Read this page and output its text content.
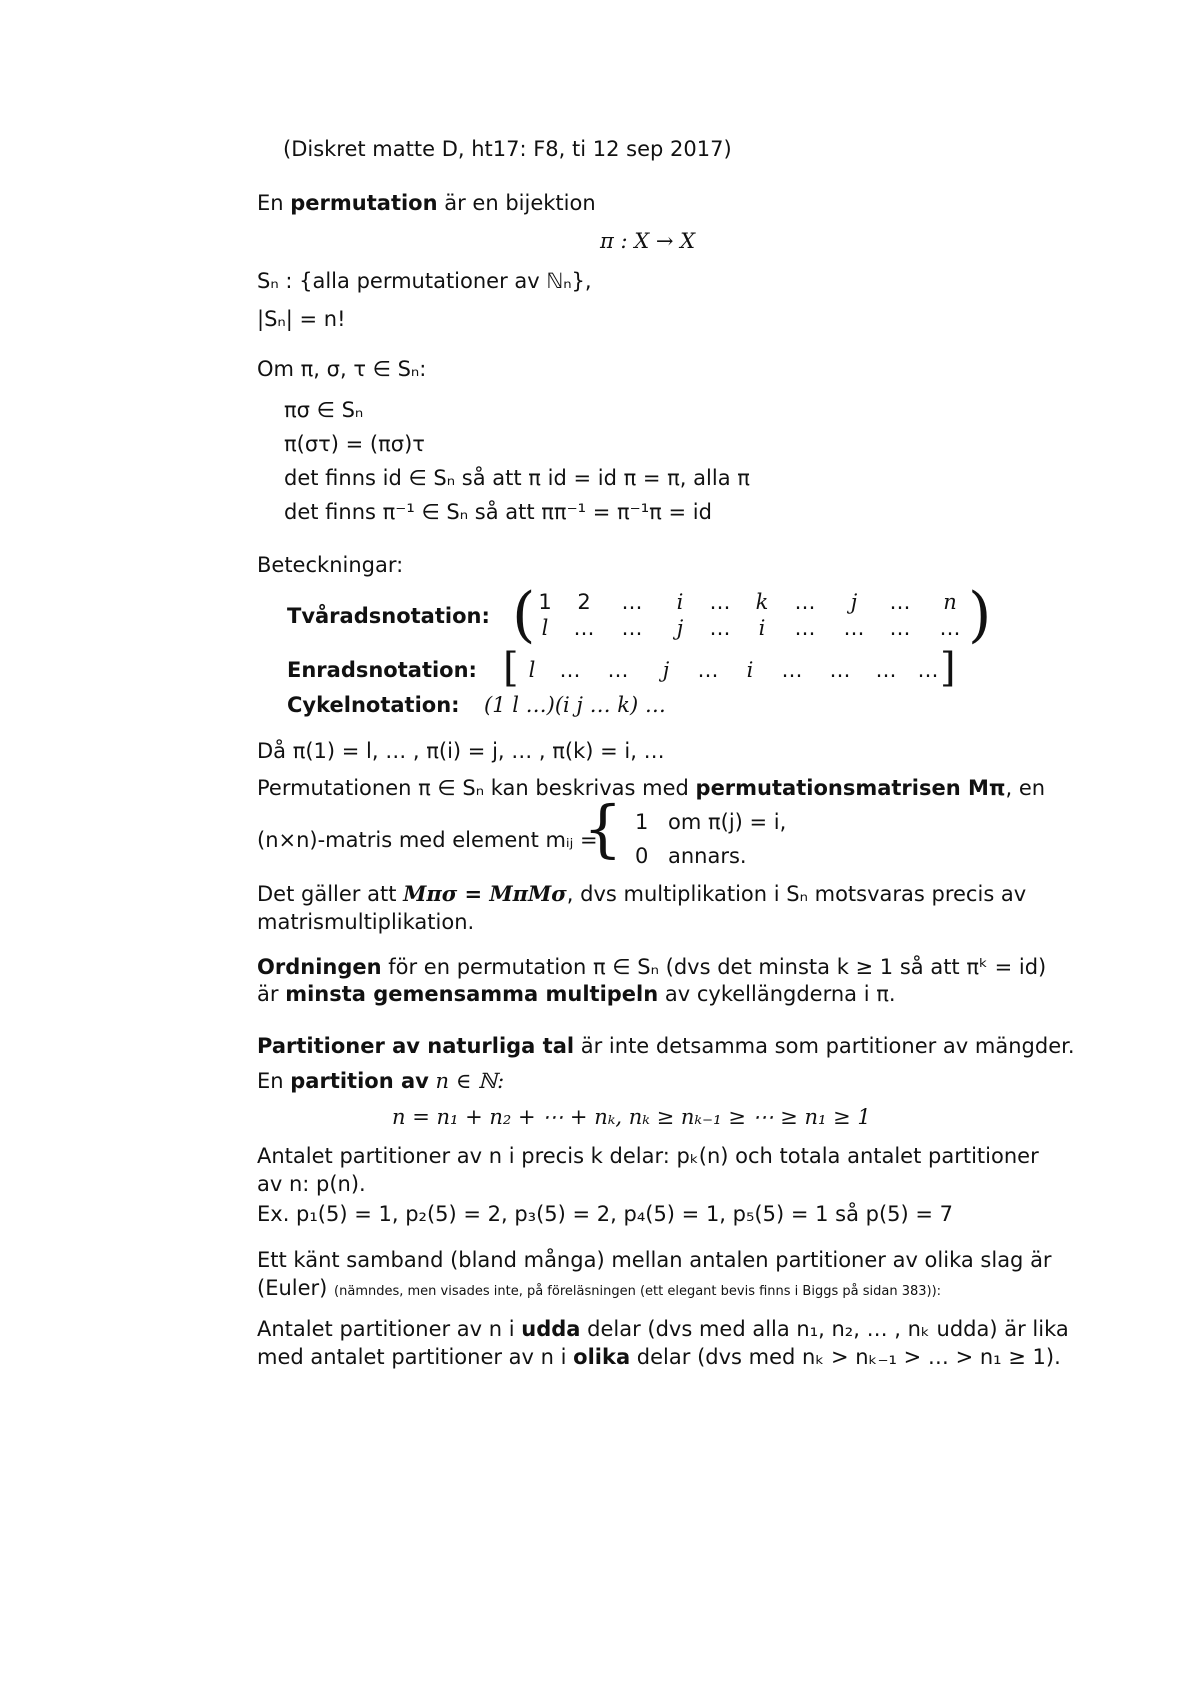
(Diskret matte D, ht17: F8, ti 12 sep 2017)
En permutation är en bijektion
π : X → X
Sₙ : {alla permutationer av ℕₙ},
|Sₙ| = n!
Om π, σ, τ ∈ Sₙ:
πσ ∈ Sₙ
π(στ) = (πσ)τ
det finns id ∈ Sₙ så att π id = id π = π, alla π
det finns π⁻¹ ∈ Sₙ så att ππ⁻¹ = π⁻¹π = id
Beteckningar:
Tvåradsnotation: (	)
1	2	…	i	…	k	…	j	…	n
l	…	…	j	…	i	…	…	…	…
Enradsnotation: [	]
l	…	…	j	…	i	…	…	…	…
Cykelnotation: (1 l …)(i j … k) …
Då π(1) = l, … , π(i) = j, … , π(k) = i, …
Permutationen π ∈ Sₙ kan beskrivas med permutationsmatrisen Mπ, en
(n×n)-matris med element mᵢⱼ =
{ 1 om π(j) = i,
0 annars.
Det gäller att Mπσ = MπMσ, dvs multiplikation i Sₙ motsvaras precis av
matrismultiplikation.
Ordningen för en permutation π ∈ Sₙ (dvs det minsta k ≥ 1 så att πᵏ = id)
är minsta gemensamma multipeln av cykellängderna i π.
Partitioner av naturliga tal är inte detsamma som partitioner av mängder.
En partition av n ∈ ℕ:
n = n₁ + n₂ + ⋯ + nₖ, nₖ ≥ nₖ₋₁ ≥ ⋯ ≥ n₁ ≥ 1
Antalet partitioner av n i precis k delar: pₖ(n) och totala antalet partitioner
av n: p(n).
Ex. p₁(5) = 1, p₂(5) = 2, p₃(5) = 2, p₄(5) = 1, p₅(5) = 1 så p(5) = 7
Ett känt samband (bland många) mellan antalen partitioner av olika slag är
(Euler) (nämndes, men visades inte, på föreläsningen (ett elegant bevis finns i Biggs på sidan 383)):
Antalet partitioner av n i udda delar (dvs med alla n₁, n₂, … , nₖ udda) är lika
med antalet partitioner av n i olika delar (dvs med nₖ > nₖ₋₁ > … > n₁ ≥ 1).
